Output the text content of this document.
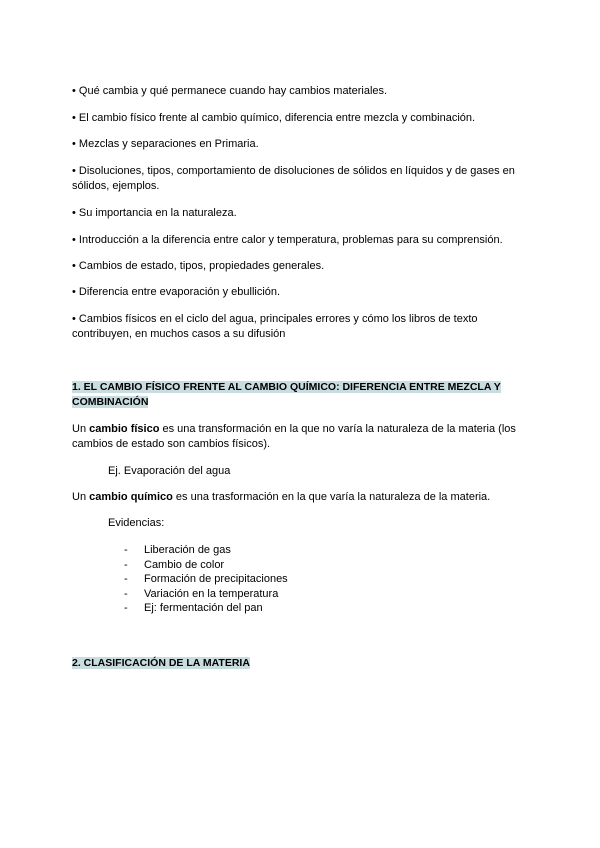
• Qué cambia y qué permanece cuando hay cambios materiales.

• El cambio físico frente al cambio químico, diferencia entre mezcla y combinación.

• Mezclas y separaciones en Primaria.

• Disoluciones, tipos, comportamiento de disoluciones de sólidos en líquidos y de gases en sólidos, ejemplos.

• Su importancia en la naturaleza.

• Introducción a la diferencia entre calor y temperatura, problemas para su comprensión.

• Cambios de estado, tipos, propiedades generales.

• Diferencia entre evaporación y ebullición.

• Cambios físicos en el ciclo del agua, principales errores y cómo los libros de texto contribuyen, en muchos casos a su difusión

1. EL CAMBIO FÍSICO FRENTE AL CAMBIO QUÍMICO: DIFERENCIA ENTRE MEZCLA Y COMBINACIÓN

Un cambio físico es una transformación en la que no varía la naturaleza de la materia (los cambios de estado son cambios físicos).

Ej. Evaporación del agua

Un cambio químico es una trasformación en la que varía la naturaleza de la materia.

Evidencias:

-	Liberación de gas
-	Cambio de color
-	Formación de precipitaciones
-	Variación en la temperatura
-	Ej: fermentación del pan

2. CLASIFICACIÓN DE LA MATERIA
